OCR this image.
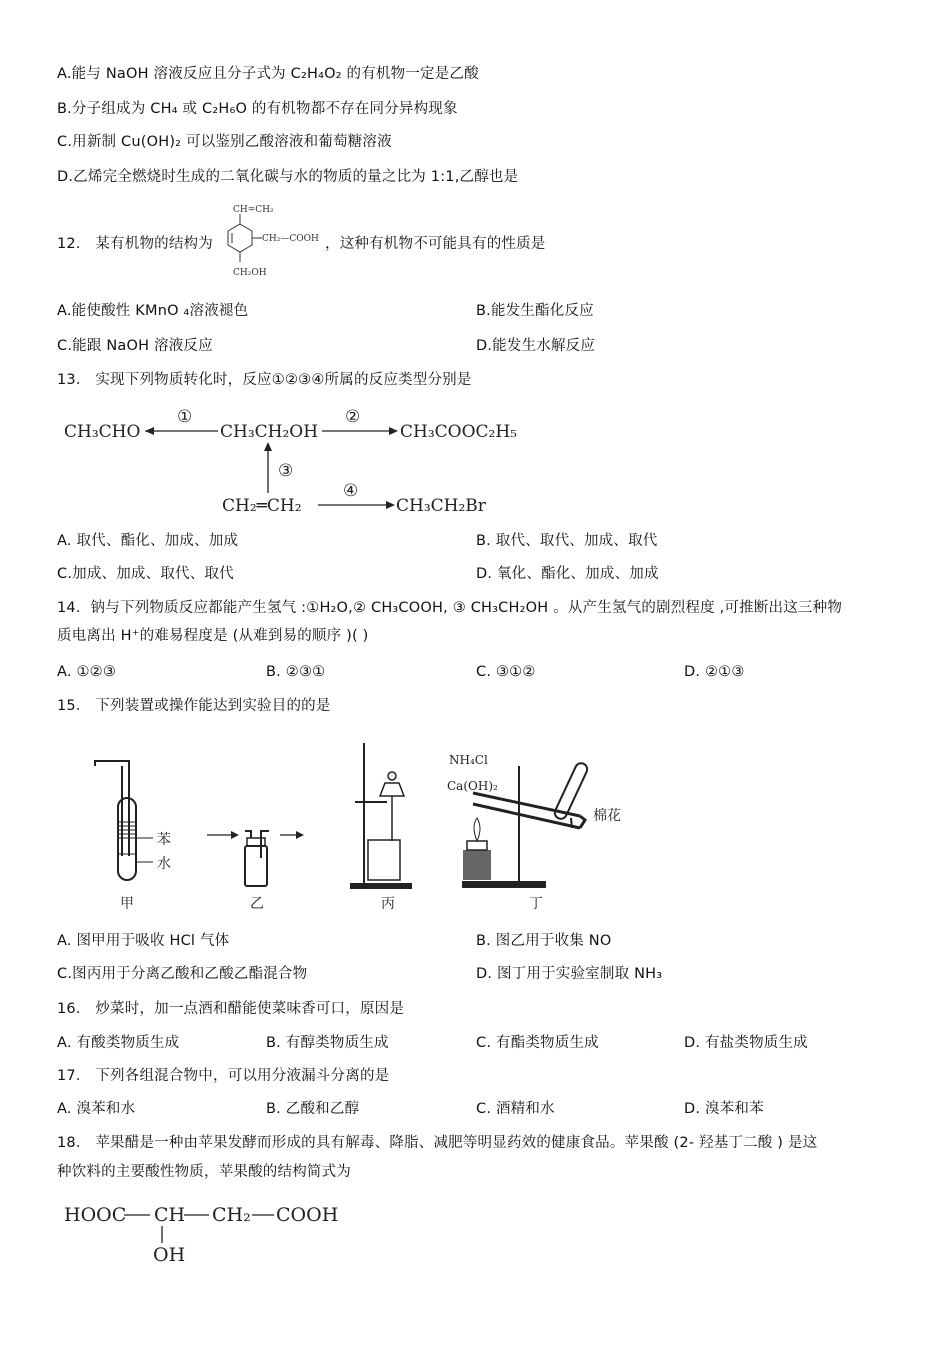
A.能与 NaOH 溶液反应且分子式为 C₂H₄O₂ 的有机物一定是乙酸
B.分子组成为 CH₄ 或 C₂H₆O 的有机物都不存在同分异构现象
C.用新制 Cu(OH)₂ 可以鉴别乙酸溶液和葡萄糖溶液
D.乙烯完全燃烧时生成的二氧化碳与水的物质的量之比为 1:1,乙醇也是
12． 某有机物的结构为
CH=CH₂
CH₂—COOH
CH₂OH
，这种有机物不可能具有的性质是
A.能使酸性 KMnO ₄溶液褪色	B.能发生酯化反应
C.能跟 NaOH 溶液反应	D.能发生水解反应
13． 实现下列物质转化时，反应①②③④所属的反应类型分别是
CH₃CHO
①
CH₃CH₂OH
②
CH₃COOC₂H₅
③
CH₂═CH₂
④
CH₃CH₂Br
A. 取代、酯化、加成、加成	B. 取代、取代、加成、取代
C.加成、加成、取代、取代	D. 氧化、酯化、加成、加成
14．钠与下列物质反应都能产生氢气 :①H₂O,② CH₃COOH, ③ CH₃CH₂OH 。从产生氢气的剧烈程度 ,可推断出这三种物
质电离出 H⁺的难易程度是 (从难到易的顺序 )( )
A. ①②③	B. ②③①	C. ③①②	D. ②①③
15． 下列装置或操作能达到实验目的的是
苯
水
甲	乙	丙
NH₄Cl
Ca(OH)₂
棉花
丁
A. 图甲用于吸收 HCl 气体	B. 图乙用于收集 NO
C.图丙用于分离乙酸和乙酸乙酯混合物	D. 图丁用于实验室制取 NH₃
16． 炒菜时，加一点酒和醋能使菜味香可口，原因是
A. 有酸类物质生成	B. 有醇类物质生成	C. 有酯类物质生成	D. 有盐类物质生成
17． 下列各组混合物中，可以用分液漏斗分离的是
A. 溴苯和水	B. 乙酸和乙醇	C. 酒精和水	D. 溴苯和苯
18． 苹果醋是一种由苹果发酵而形成的具有解毒、降脂、减肥等明显药效的健康食品。苹果酸 (2- 羟基丁二酸 ) 是这
种饮料的主要酸性物质，苹果酸的结构简式为
HOOC CH CH₂ COOH
OH
